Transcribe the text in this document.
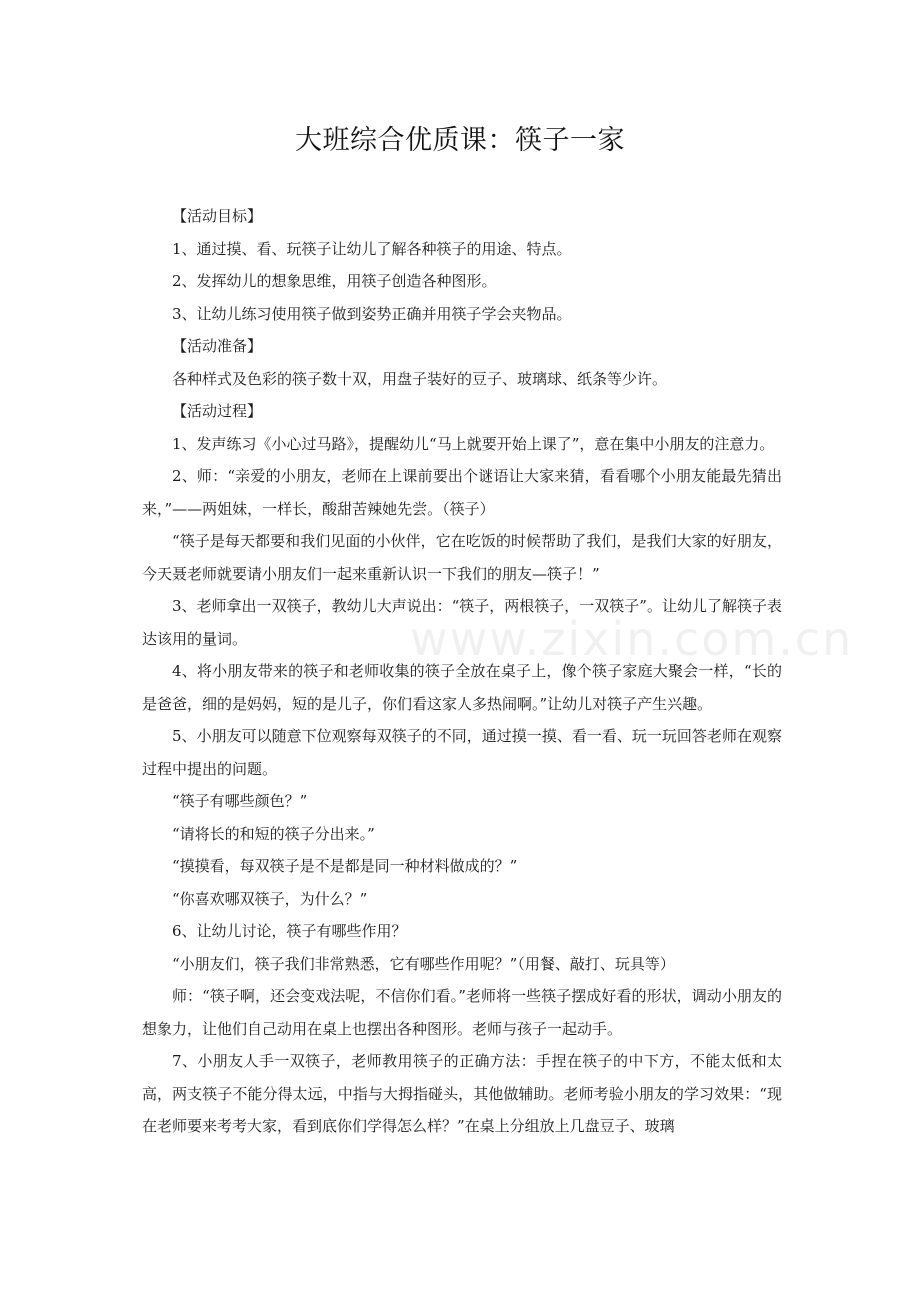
大班综合优质课：筷子一家
www.zixin.com.cn

【活动目标】

1、通过摸、看、玩筷子让幼儿了解各种筷子的用途、特点。

2、发挥幼儿的想象思维，用筷子创造各种图形。

3、让幼儿练习使用筷子做到姿势正确并用筷子学会夹物品。

【活动准备】

各种样式及色彩的筷子数十双，用盘子装好的豆子、玻璃球、纸条等少许。

【活动过程】

1、发声练习《小心过马路》，提醒幼儿“马上就要开始上课了”，意在集中小朋友的注意力。

2、师：“亲爱的小朋友，老师在上课前要出个谜语让大家来猜，看看哪个小朋友能最先猜出来，”——两姐妹，一样长，酸甜苦辣她先尝。（筷子）

“筷子是每天都要和我们见面的小伙伴，它在吃饭的时候帮助了我们，是我们大家的好朋友，今天聂老师就要请小朋友们一起来重新认识一下我们的朋友—筷子！”

3、老师拿出一双筷子，教幼儿大声说出：“筷子，两根筷子，一双筷子”。让幼儿了解筷子表达该用的量词。

4、将小朋友带来的筷子和老师收集的筷子全放在桌子上，像个筷子家庭大聚会一样，“长的是爸爸，细的是妈妈，短的是儿子，你们看这家人多热闹啊。”让幼儿对筷子产生兴趣。

5、小朋友可以随意下位观察每双筷子的不同，通过摸一摸、看一看、玩一玩回答老师在观察过程中提出的问题。

“筷子有哪些颜色？”

“请将长的和短的筷子分出来。”

“摸摸看，每双筷子是不是都是同一种材料做成的？”

“你喜欢哪双筷子，为什么？”

6、让幼儿讨论，筷子有哪些作用？

“小朋友们，筷子我们非常熟悉，它有哪些作用呢？”（用餐、敲打、玩具等）

师：“筷子啊，还会变戏法呢，不信你们看。”老师将一些筷子摆成好看的形状，调动小朋友的想象力，让他们自己动用在桌上也摆出各种图形。老师与孩子一起动手。

7、小朋友人手一双筷子，老师教用筷子的正确方法：手捏在筷子的中下方，不能太低和太高，两支筷子不能分得太远，中指与大拇指碰头，其他做辅助。老师考验小朋友的学习效果：“现在老师要来考考大家，看到底你们学得怎么样？”在桌上分组放上几盘豆子、玻璃
